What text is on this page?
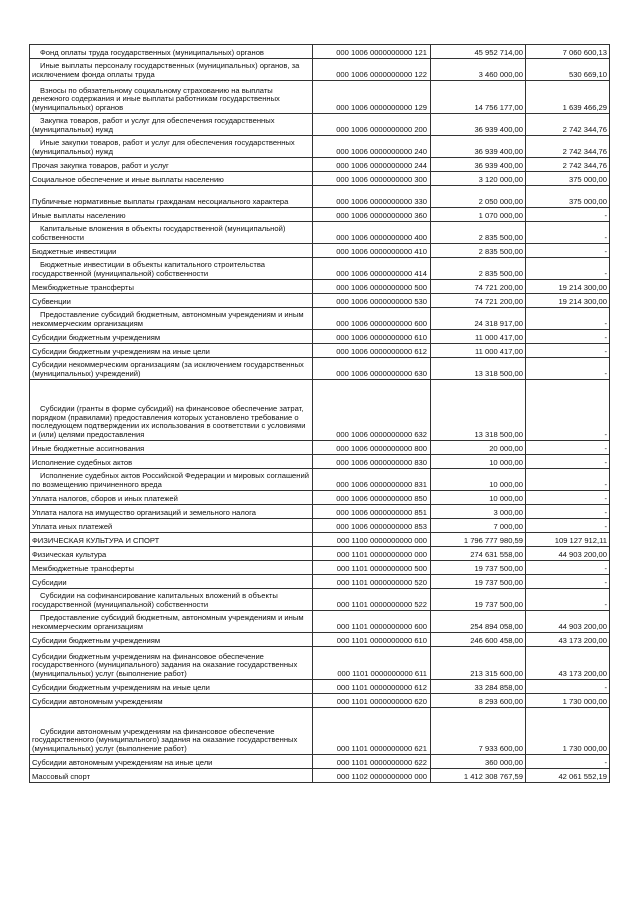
Фонд оплаты труда государственных (муниципальных) органов	000 1006 0000000000 121	45 952 714,00	7 060 600,13
Иные выплаты персоналу государственных (муниципальных) органов, за исключением фонда оплаты труда	000 1006 0000000000 122	3 460 000,00	530 669,10
Взносы по обязательному социальному страхованию на выплаты денежного содержания и иные выплаты работникам государственных (муниципальных) органов	000 1006 0000000000 129	14 756 177,00	1 639 466,29
Закупка товаров, работ и услуг для обеспечения государственных (муниципальных) нужд	000 1006 0000000000 200	36 939 400,00	2 742 344,76
Иные закупки товаров, работ и услуг для обеспечения государственных (муниципальных) нужд	000 1006 0000000000 240	36 939 400,00	2 742 344,76
Прочая закупка товаров, работ и услуг	000 1006 0000000000 244	36 939 400,00	2 742 344,76
Социальное обеспечение и иные выплаты населению	000 1006 0000000000 300	3 120 000,00	375 000,00
Публичные нормативные выплаты гражданам несоциального характера	000 1006 0000000000 330	2 050 000,00	375 000,00
Иные выплаты населению	000 1006 0000000000 360	1 070 000,00	-
Капитальные вложения в объекты государственной (муниципальной) собственности	000 1006 0000000000 400	2 835 500,00	-
Бюджетные инвестиции	000 1006 0000000000 410	2 835 500,00	-
Бюджетные инвестиции в объекты капитального строительства государственной (муниципальной) собственности	000 1006 0000000000 414	2 835 500,00	-
Межбюджетные трансферты	000 1006 0000000000 500	74 721 200,00	19 214 300,00
Субвенции	000 1006 0000000000 530	74 721 200,00	19 214 300,00
Предоставление субсидий бюджетным, автономным учреждениям и иным некоммерческим организациям	000 1006 0000000000 600	24 318 917,00	-
Субсидии бюджетным учреждениям	000 1006 0000000000 610	11 000 417,00	-
Субсидии бюджетным учреждениям на иные цели	000 1006 0000000000 612	11 000 417,00	-
Субсидии некоммерческим организациям (за исключением государственных (муниципальных) учреждений)	000 1006 0000000000 630	13 318 500,00	-
Субсидии (гранты в форме субсидий) на финансовое обеспечение затрат, порядком (правилами) предоставления которых установлено требование о последующем подтверждении их использования в соответствии с условиями и (или) целями предоставления	000 1006 0000000000 632	13 318 500,00	-
Иные бюджетные ассигнования	000 1006 0000000000 800	20 000,00	-
Исполнение судебных актов	000 1006 0000000000 830	10 000,00	-
Исполнение судебных актов Российской Федерации и мировых соглашений по возмещению причиненного вреда	000 1006 0000000000 831	10 000,00	-
Уплата налогов, сборов и иных платежей	000 1006 0000000000 850	10 000,00	-
Уплата налога на имущество организаций и земельного налога	000 1006 0000000000 851	3 000,00	-
Уплата иных платежей	000 1006 0000000000 853	7 000,00	-
ФИЗИЧЕСКАЯ КУЛЬТУРА И СПОРТ	000 1100 0000000000 000	1 796 777 980,59	109 127 912,11
Физическая культура	000 1101 0000000000 000	274 631 558,00	44 903 200,00
Межбюджетные трансферты	000 1101 0000000000 500	19 737 500,00	-
Субсидии	000 1101 0000000000 520	19 737 500,00	-
Субсидии на софинансирование капитальных вложений в объекты государственной (муниципальной) собственности	000 1101 0000000000 522	19 737 500,00	-
Предоставление субсидий бюджетным, автономным учреждениям и иным некоммерческим организациям	000 1101 0000000000 600	254 894 058,00	44 903 200,00
Субсидии бюджетным учреждениям	000 1101 0000000000 610	246 600 458,00	43 173 200,00
Субсидии бюджетным учреждениям на финансовое обеспечение государственного (муниципального) задания на оказание государственных (муниципальных) услуг (выполнение работ)	000 1101 0000000000 611	213 315 600,00	43 173 200,00
Субсидии бюджетным учреждениям на иные цели	000 1101 0000000000 612	33 284 858,00	-
Субсидии автономным учреждениям	000 1101 0000000000 620	8 293 600,00	1 730 000,00
Субсидии автономным учреждениям на финансовое обеспечение государственного (муниципального) задания на оказание государственных (муниципальных) услуг (выполнение работ)	000 1101 0000000000 621	7 933 600,00	1 730 000,00
Субсидии автономным учреждениям на иные цели	000 1101 0000000000 622	360 000,00	-
Массовый спорт	000 1102 0000000000 000	1 412 308 767,59	42 061 552,19
